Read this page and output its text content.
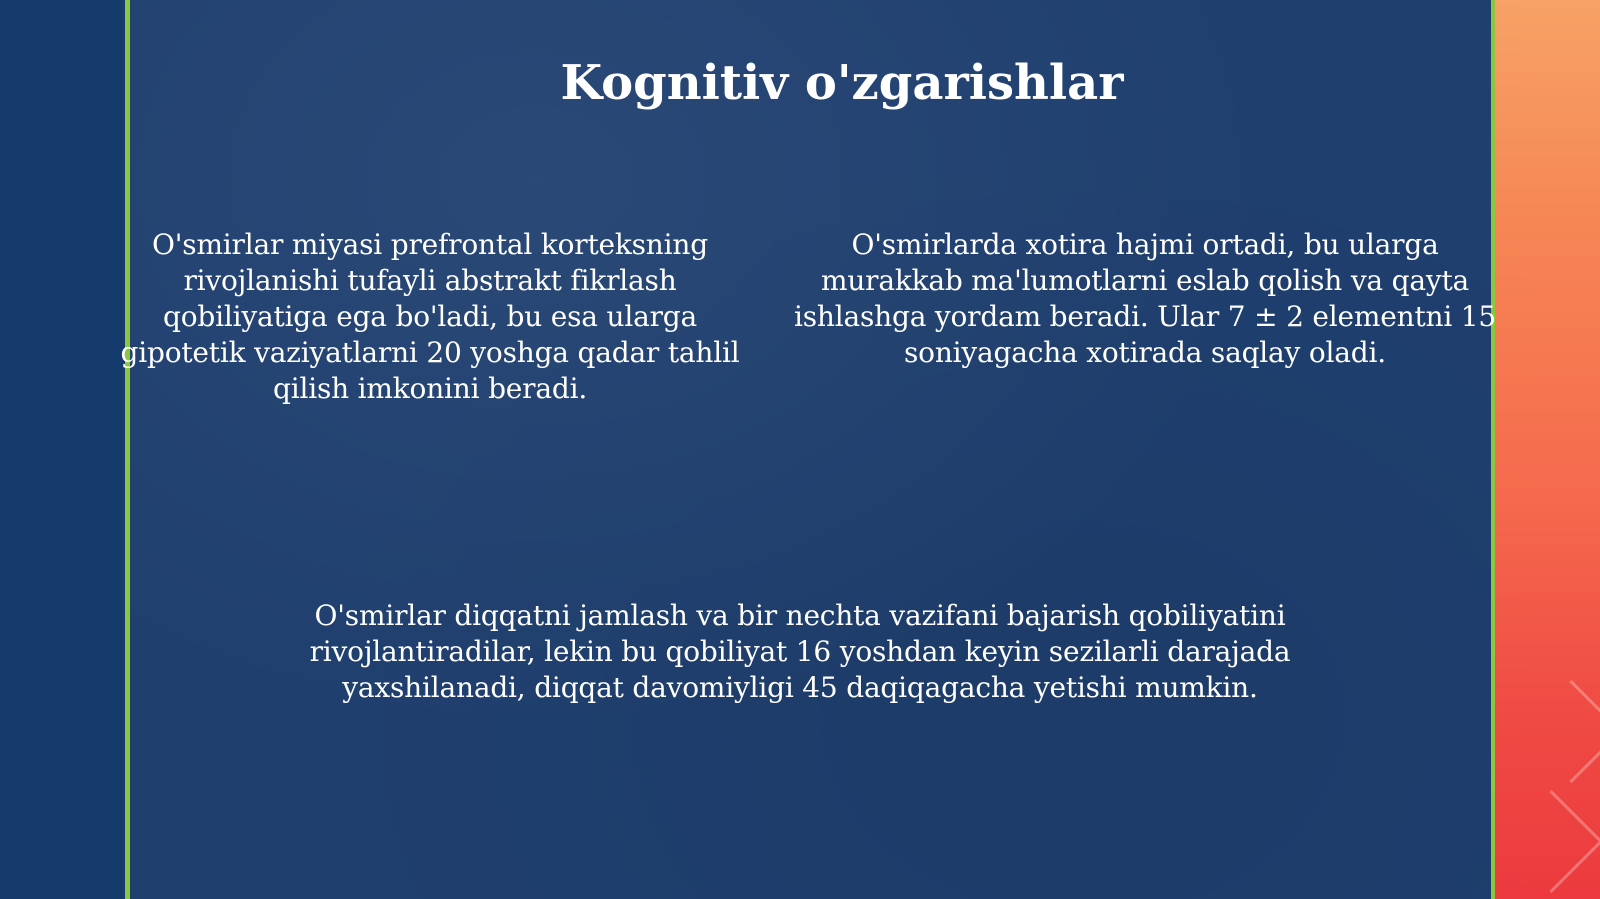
Kognitiv o'zgarishlar
O'smirlar miyasi prefrontal korteksning rivojlanishi tufayli abstrakt fikrlash qobiliyatiga ega bo'ladi, bu esa ularga gipotetik vaziyatlarni 20 yoshga qadar tahlil qilish imkonini beradi.
O'smirlarda xotira hajmi ortadi, bu ularga murakkab ma'lumotlarni eslab qolish va qayta ishlashga yordam beradi. Ular 7 ± 2 elementni 15 soniyagacha xotirada saqlay oladi.
O'smirlar diqqatni jamlash va bir nechta vazifani bajarish qobiliyatini rivojlantiradilar, lekin bu qobiliyat 16 yoshdan keyin sezilarli darajada yaxshilanadi, diqqat davomiyligi 45 daqiqagacha yetishi mumkin.
